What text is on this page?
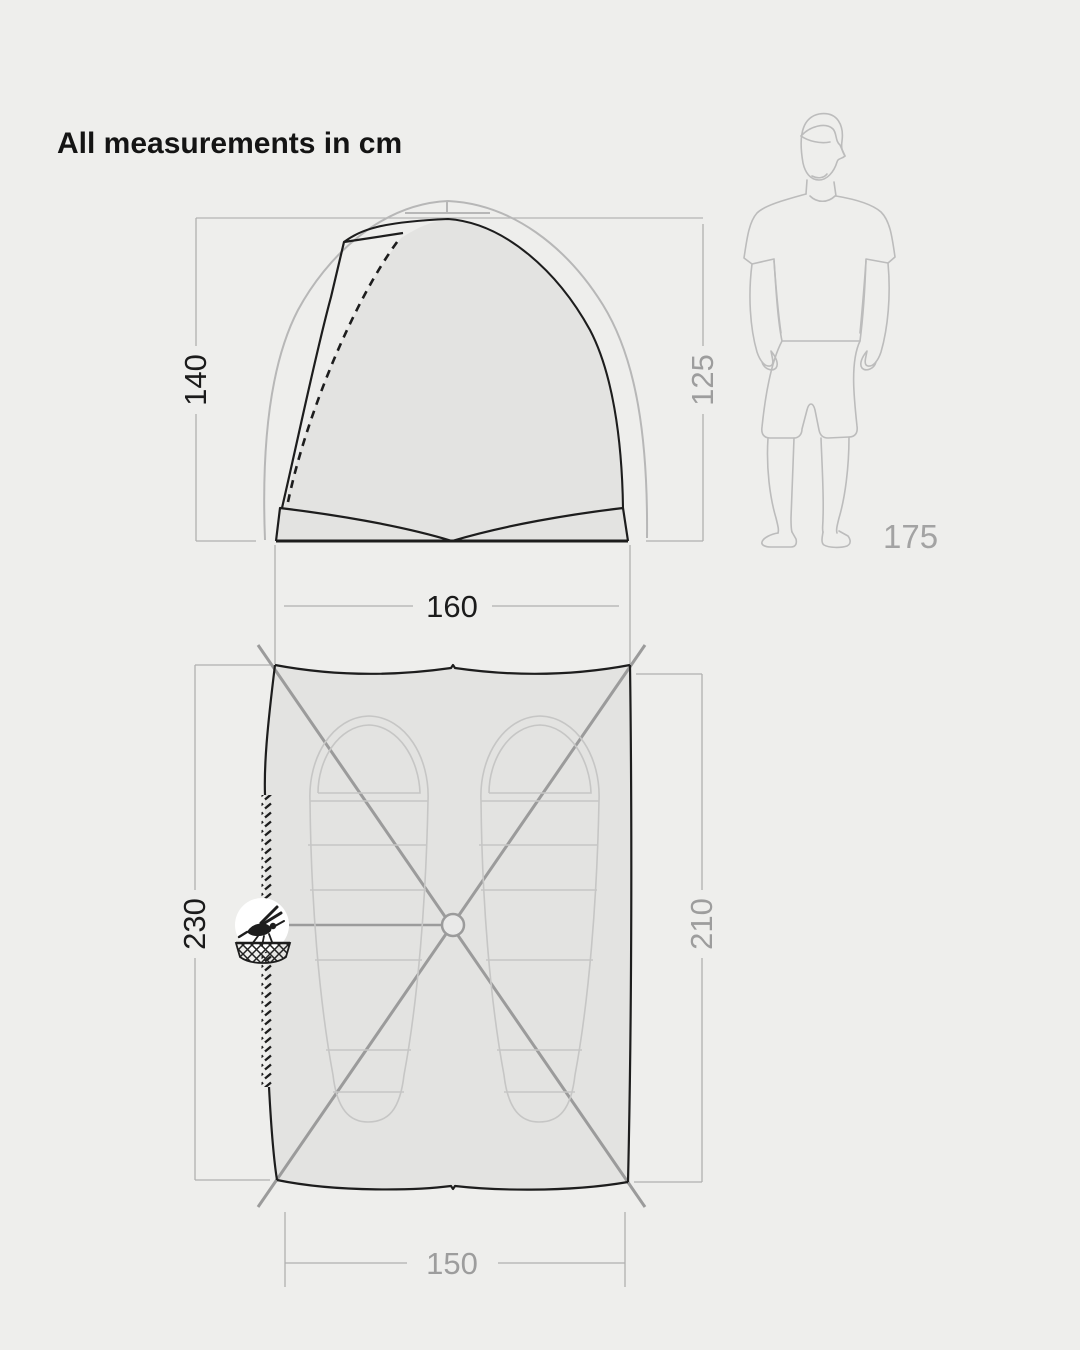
All measurements in cm
140	125
160
175
230	210
150
